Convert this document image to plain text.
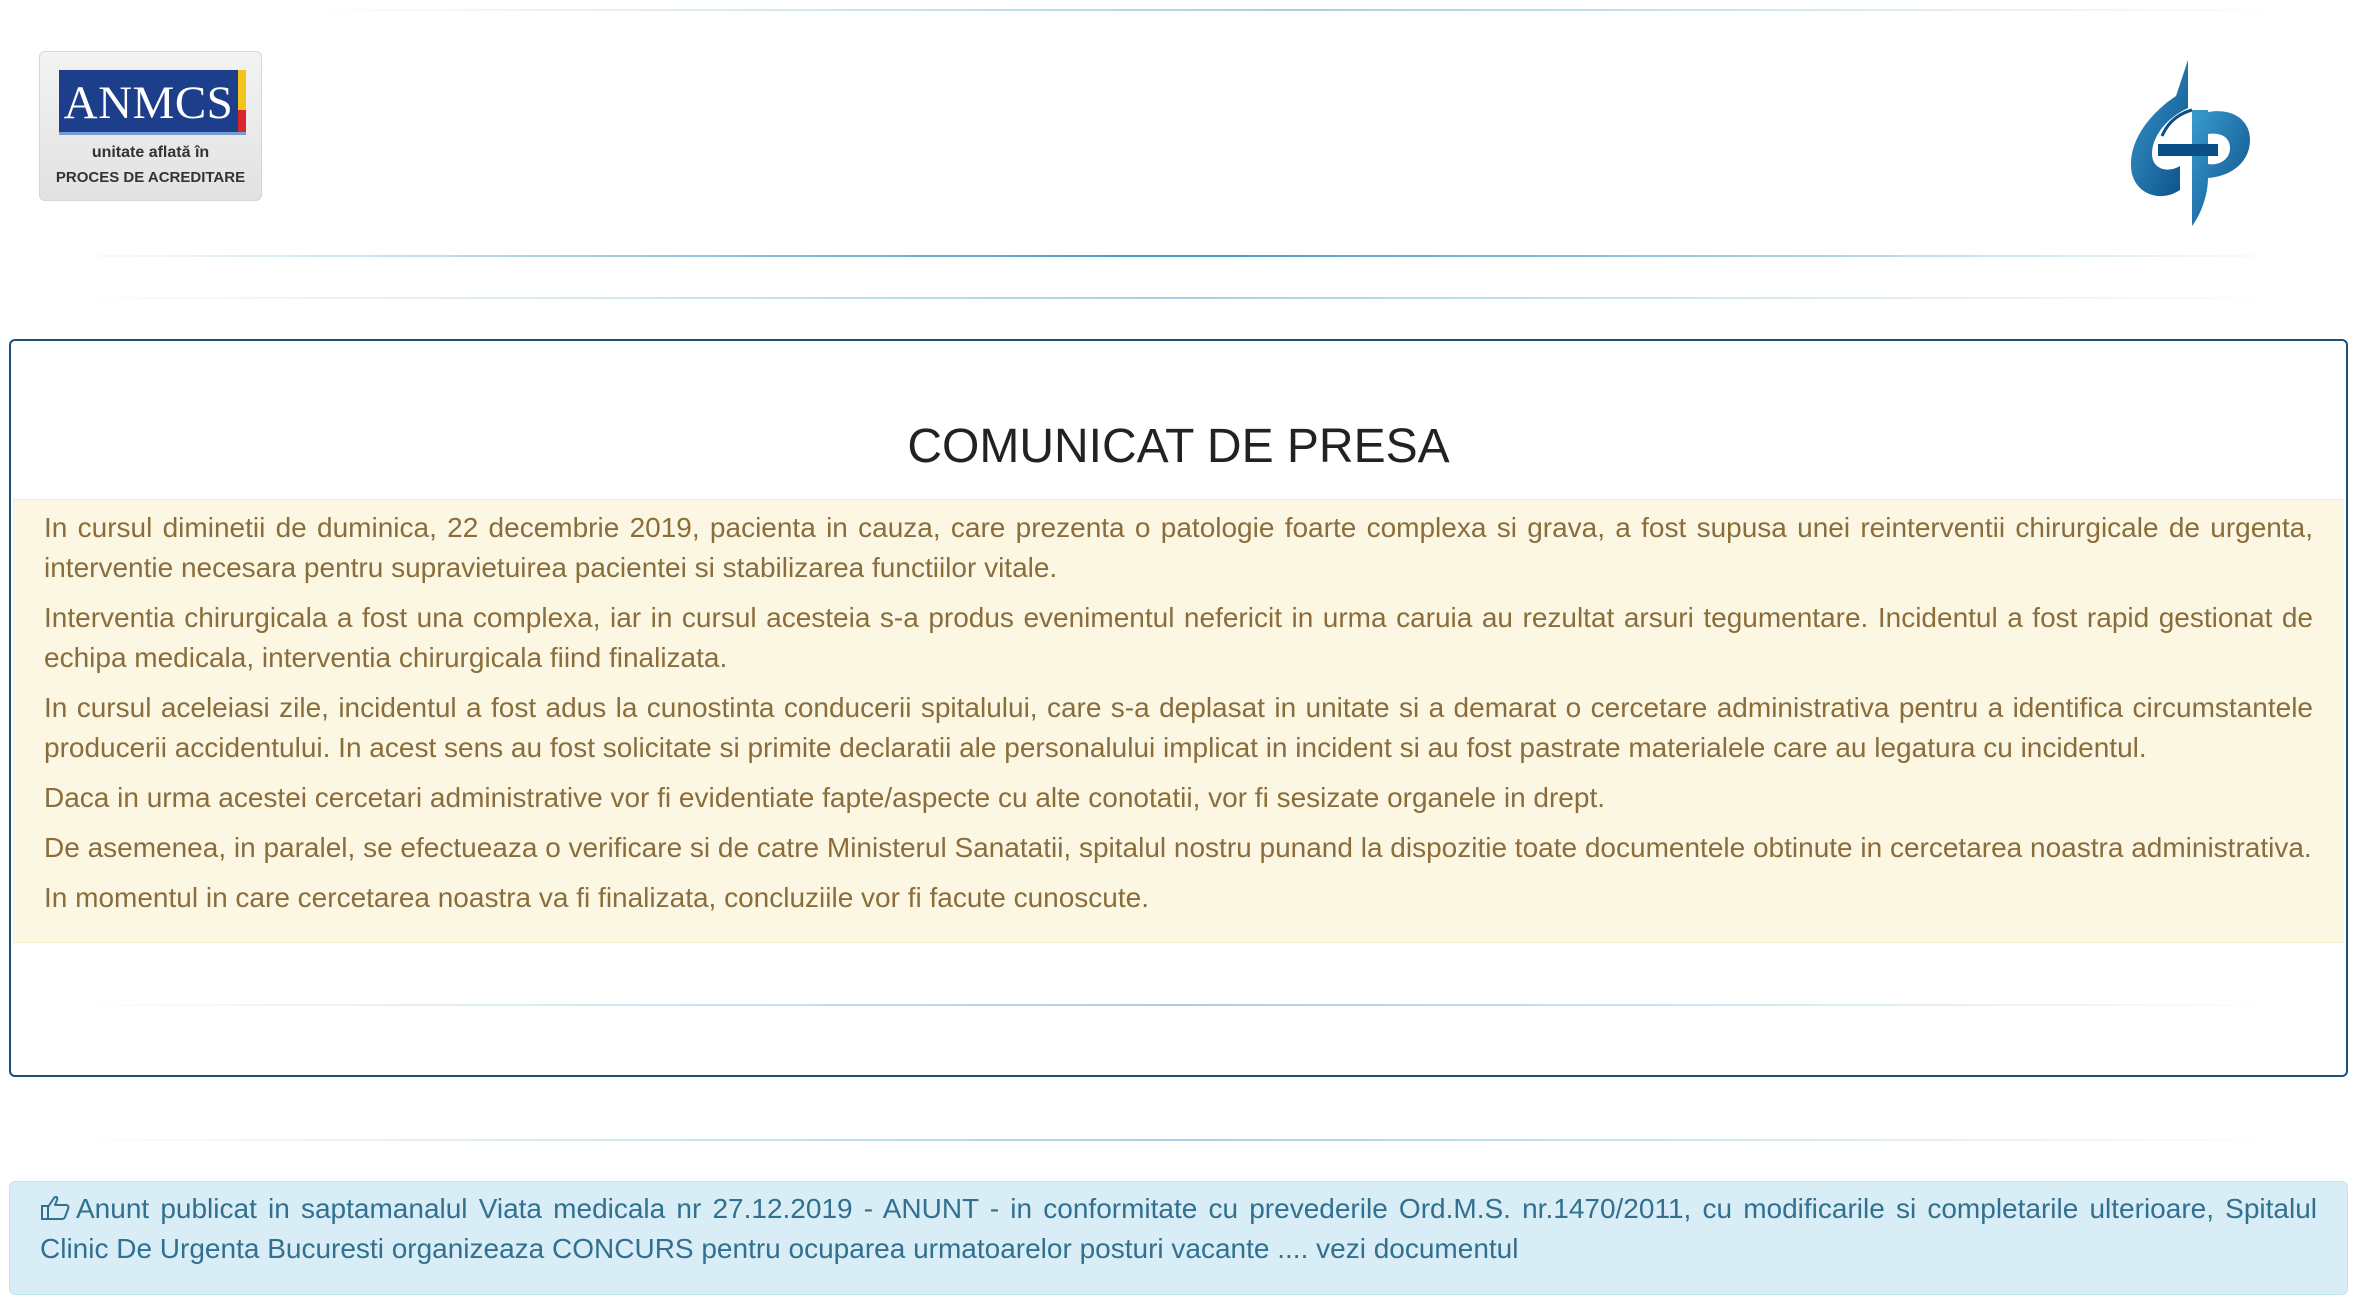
ANMCS
unitate aflată în
PROCES DE ACREDITARE
COMUNICAT DE PRESA

In cursul diminetii de duminica, 22 decembrie 2019, pacienta in cauza, care prezenta o patologie foarte complexa si grava, a fost supusa unei reinterventii chirurgicale de urgenta, interventie necesara pentru supravietuirea pacientei si stabilizarea functiilor vitale.

Interventia chirurgicala a fost una complexa, iar in cursul acesteia s-a produs evenimentul nefericit in urma caruia au rezultat arsuri tegumentare. Incidentul a fost rapid gestionat de echipa medicala, interventia chirurgicala fiind finalizata.

In cursul aceleiasi zile, incidentul a fost adus la cunostinta conducerii spitalului, care s-a deplasat in unitate si a demarat o cercetare administrativa pentru a identifica circumstantele producerii accidentului. In acest sens au fost solicitate si primite declaratii ale personalului implicat in incident si au fost pastrate materialele care au legatura cu incidentul.

Daca in urma acestei cercetari administrative vor fi evidentiate fapte/aspecte cu alte conotatii, vor fi sesizate organele in drept.

De asemenea, in paralel, se efectueaza o verificare si de catre Ministerul Sanatatii, spitalul nostru punand la dispozitie toate documentele obtinute in cercetarea noastra administrativa.

In momentul in care cercetarea noastra va fi finalizata, concluziile vor fi facute cunoscute.

Anunt publicat in saptamanalul Viata medicala nr 27.12.2019 - ANUNT - in conformitate cu prevederile Ord.M.S. nr.1470/2011, cu modificarile si completarile ulterioare, Spitalul Clinic De Urgenta Bucuresti organizeaza CONCURS pentru ocuparea urmatoarelor posturi vacante .... vezi documentul
